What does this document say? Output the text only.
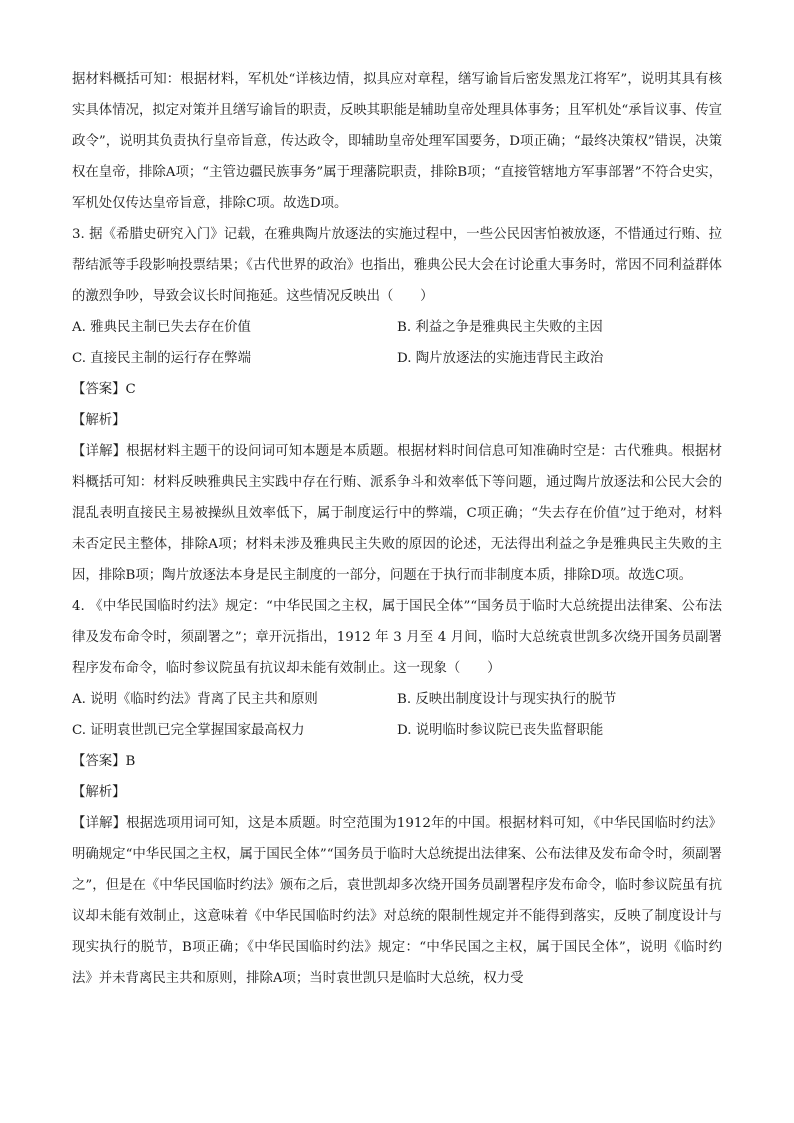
据材料概括可知：根据材料，军机处“详核边情，拟具应对章程，缮写谕旨后密发黑龙江将军”，说明其具有核实具体情况，拟定对策并且缮写谕旨的职责，反映其职能是辅助皇帝处理具体事务；且军机处“承旨议事、传宣政令”，说明其负责执行皇帝旨意，传达政令，即辅助皇帝处理军国要务，D项正确；“最终决策权”错误，决策权在皇帝，排除A项；“主管边疆民族事务”属于理藩院职责，排除B项；“直接管辖地方军事部署”不符合史实，军机处仅传达皇帝旨意，排除C项。故选D项。

3. 据《希腊史研究入门》记载，在雅典陶片放逐法的实施过程中，一些公民因害怕被放逐，不惜通过行贿、拉帮结派等手段影响投票结果；《古代世界的政治》也指出，雅典公民大会在讨论重大事务时，常因不同利益群体的激烈争吵，导致会议长时间拖延。这些情况反映出（　　）

A. 雅典民主制已失去存在价值	B. 利益之争是雅典民主失败的主因
C. 直接民主制的运行存在弊端	D. 陶片放逐法的实施违背民主政治
【答案】C
【解析】

【详解】根据材料主题干的设问词可知本题是本质题。根据材料时间信息可知准确时空是：古代雅典。根据材料概括可知：材料反映雅典民主实践中存在行贿、派系争斗和效率低下等问题，通过陶片放逐法和公民大会的混乱表明直接民主易被操纵且效率低下，属于制度运行中的弊端，C项正确；“失去存在价值”过于绝对，材料未否定民主整体，排除A项；材料未涉及雅典民主失败的原因的论述，无法得出利益之争是雅典民主失败的主因，排除B项；陶片放逐法本身是民主制度的一部分，问题在于执行而非制度本质，排除D项。故选C项。

4. 《中华民国临时约法》规定：“中华民国之主权，属于国民全体”“国务员于临时大总统提出法律案、公布法律及发布命令时，须副署之”；章开沅指出，1912 年 3 月至 4 月间，临时大总统袁世凯多次绕开国务员副署程序发布命令，临时参议院虽有抗议却未能有效制止。这一现象（　　）

A. 说明《临时约法》背离了民主共和原则	B. 反映出制度设计与现实执行的脱节
C. 证明袁世凯已完全掌握国家最高权力	D. 说明临时参议院已丧失监督职能
【答案】B
【解析】

【详解】根据选项用词可知，这是本质题。时空范围为1912年的中国。根据材料可知，《中华民国临时约法》明确规定“中华民国之主权，属于国民全体”“国务员于临时大总统提出法律案、公布法律及发布命令时，须副署之”，但是在《中华民国临时约法》颁布之后，袁世凯却多次绕开国务员副署程序发布命令，临时参议院虽有抗议却未能有效制止，这意味着《中华民国临时约法》对总统的限制性规定并不能得到落实，反映了制度设计与现实执行的脱节，B项正确；《中华民国临时约法》规定：“中华民国之主权，属于国民全体”，说明《临时约法》并未背离民主共和原则，排除A项；当时袁世凯只是临时大总统，权力受
